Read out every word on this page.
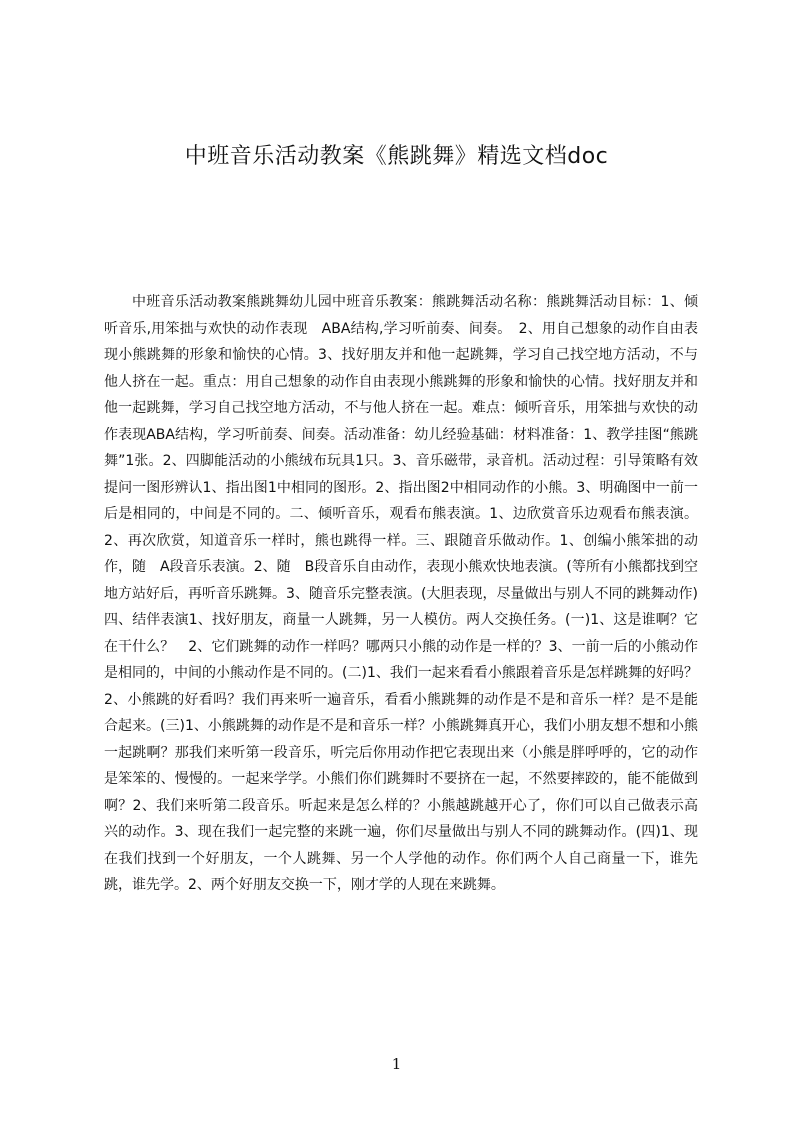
中班音乐活动教案《熊跳舞》精选文档doc

中班音乐活动教案熊跳舞幼儿园中班音乐教案：熊跳舞活动名称：熊跳舞活动目标：1、倾听音乐,用笨拙与欢快的动作表现　ABA结构,学习听前奏、间奏。　2、用自己想象的动作自由表现小熊跳舞的形象和愉快的心情。3、找好朋友并和他一起跳舞，学习自己找空地方活动，不与他人挤在一起。重点：用自己想象的动作自由表现小熊跳舞的形象和愉快的心情。找好朋友并和他一起跳舞，学习自己找空地方活动，不与他人挤在一起。难点：倾听音乐，用笨拙与欢快的动作表现ABA结构，学习听前奏、间奏。活动准备：幼儿经验基础：材料准备：1、教学挂图“熊跳舞”1张。2、四脚能活动的小熊绒布玩具1只。3、音乐磁带，录音机。活动过程：引导策略有效提问一图形辨认1、指出图1中相同的图形。2、指出图2中相同动作的小熊。3、明确图中一前一后是相同的，中间是不同的。二、倾听音乐，观看布熊表演。1、边欣赏音乐边观看布熊表演。2、再次欣赏，知道音乐一样时，熊也跳得一样。三、跟随音乐做动作。1、创编小熊笨拙的动作，随　A段音乐表演。2、随　B段音乐自由动作，表现小熊欢快地表演。(等所有小熊都找到空地方站好后，再听音乐跳舞。3、随音乐完整表演。(大胆表现，尽量做出与别人不同的跳舞动作)四、结伴表演1、找好朋友，商量一人跳舞，另一人模仿。两人交换任务。(一)1、这是谁啊？它在干什么？　2、它们跳舞的动作一样吗？哪两只小熊的动作是一样的？3、一前一后的小熊动作是相同的，中间的小熊动作是不同的。(二)1、我们一起来看看小熊跟着音乐是怎样跳舞的好吗？　2、小熊跳的好看吗？我们再来听一遍音乐，看看小熊跳舞的动作是不是和音乐一样？是不是能合起来。(三)1、小熊跳舞的动作是不是和音乐一样？小熊跳舞真开心，我们小朋友想不想和小熊一起跳啊？那我们来听第一段音乐，听完后你用动作把它表现出来（小熊是胖呼呼的，它的动作是笨笨的、慢慢的。一起来学学。小熊们你们跳舞时不要挤在一起，不然要摔跤的，能不能做到啊？2、我们来听第二段音乐。听起来是怎么样的？小熊越跳越开心了，你们可以自己做表示高兴的动作。3、现在我们一起完整的来跳一遍，你们尽量做出与别人不同的跳舞动作。(四)1、现在我们找到一个好朋友，一个人跳舞、另一个人学他的动作。你们两个人自己商量一下，谁先跳，谁先学。2、两个好朋友交换一下，刚才学的人现在来跳舞。

1
